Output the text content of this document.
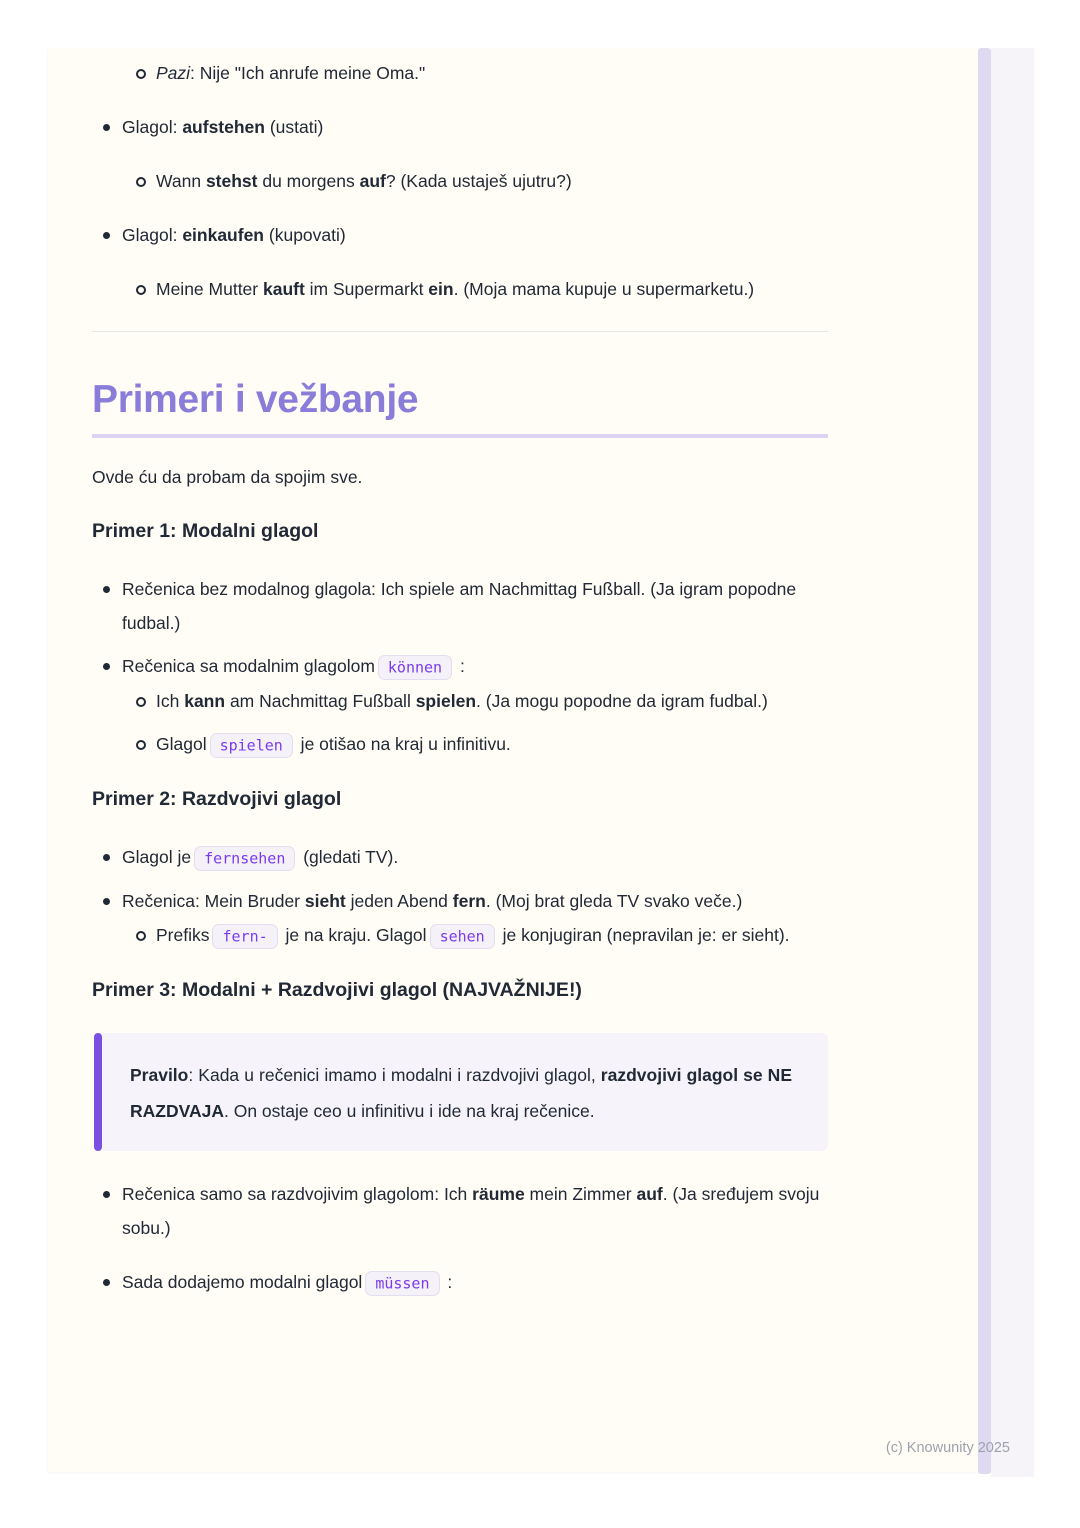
Pazi: Nije "Ich anrufe meine Oma."
Glagol: aufstehen (ustati)
Wann stehst du morgens auf? (Kada ustaješ ujutru?)
Glagol: einkaufen (kupovati)
Meine Mutter kauft im Supermarkt ein. (Moja mama kupuje u supermarketu.)
Primeri i vežbanje

Ovde ću da probam da spojim sve.

Primer 1: Modalni glagol
Rečenica bez modalnog glagola: Ich spiele am Nachmittag Fußball. (Ja igram popodne fudbal.)
Rečenica sa modalnim glagolom können :
Ich kann am Nachmittag Fußball spielen. (Ja mogu popodne da igram fudbal.)
Glagol spielen je otišao na kraj u infinitivu.
Primer 2: Razdvojivi glagol
Glagol je fernsehen (gledati TV).
Rečenica: Mein Bruder sieht jeden Abend fern. (Moj brat gleda TV svako veče.)
Prefiks fern- je na kraju. Glagol sehen je konjugiran (nepravilan je: er sieht).
Primer 3: Modalni + Razdvojivi glagol (NAJVAŽNIJE!)
Pravilo: Kada u rečenici imamo i modalni i razdvojivi glagol, razdvojivi glagol se NE RAZDVAJA. On ostaje ceo u infinitivu i ide na kraj rečenice.
Rečenica samo sa razdvojivim glagolom: Ich räume mein Zimmer auf. (Ja sređujem svoju sobu.)
Sada dodajemo modalni glagol müssen :
(c) Knowunity 2025
